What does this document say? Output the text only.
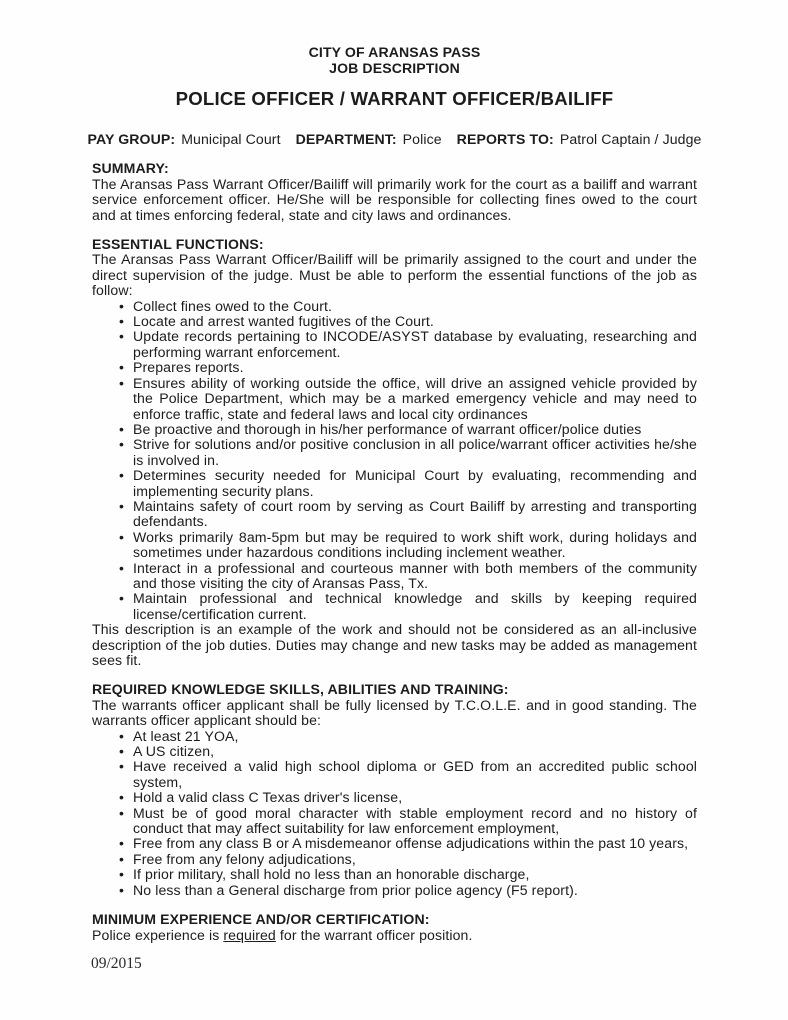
CITY OF ARANSAS PASS
JOB DESCRIPTION
POLICE OFFICER / WARRANT OFFICER/BAILIFF
PAY GROUP: Municipal Court DEPARTMENT: Police REPORTS TO: Patrol Captain / Judge
SUMMARY:

The Aransas Pass Warrant Officer/Bailiff will primarily work for the court as a bailiff and warrant service enforcement officer. He/She will be responsible for collecting fines owed to the court and at times enforcing federal, state and city laws and ordinances.

ESSENTIAL FUNCTIONS:

The Aransas Pass Warrant Officer/Bailiff will be primarily assigned to the court and under the direct supervision of the judge. Must be able to perform the essential functions of the job as follow:

• Collect fines owed to the Court.
• Locate and arrest wanted fugitives of the Court.
• Update records pertaining to INCODE/ASYST database by evaluating, researching and performing warrant enforcement.
• Prepares reports.
• Ensures ability of working outside the office, will drive an assigned vehicle provided by the Police Department, which may be a marked emergency vehicle and may need to enforce traffic, state and federal laws and local city ordinances
• Be proactive and thorough in his/her performance of warrant officer/police duties
• Strive for solutions and/or positive conclusion in all police/warrant officer activities he/she is involved in.
• Determines security needed for Municipal Court by evaluating, recommending and implementing security plans.
• Maintains safety of court room by serving as Court Bailiff by arresting and transporting defendants.
• Works primarily 8am-5pm but may be required to work shift work, during holidays and sometimes under hazardous conditions including inclement weather.
• Interact in a professional and courteous manner with both members of the community and those visiting the city of Aransas Pass, Tx.
• Maintain professional and technical knowledge and skills by keeping required license/certification current.

This description is an example of the work and should not be considered as an all-inclusive description of the job duties. Duties may change and new tasks may be added as management sees fit.

REQUIRED KNOWLEDGE SKILLS, ABILITIES AND TRAINING:

The warrants officer applicant shall be fully licensed by T.C.O.L.E. and in good standing. The warrants officer applicant should be:

• At least 21 YOA,
• A US citizen,
• Have received a valid high school diploma or GED from an accredited public school system,
• Hold a valid class C Texas driver's license,
• Must be of good moral character with stable employment record and no history of conduct that may affect suitability for law enforcement employment,
• Free from any class B or A misdemeanor offense adjudications within the past 10 years,
• Free from any felony adjudications,
• If prior military, shall hold no less than an honorable discharge,
• No less than a General discharge from prior police agency (F5 report).
MINIMUM EXPERIENCE AND/OR CERTIFICATION:

Police experience is required for the warrant officer position.

09/2015
